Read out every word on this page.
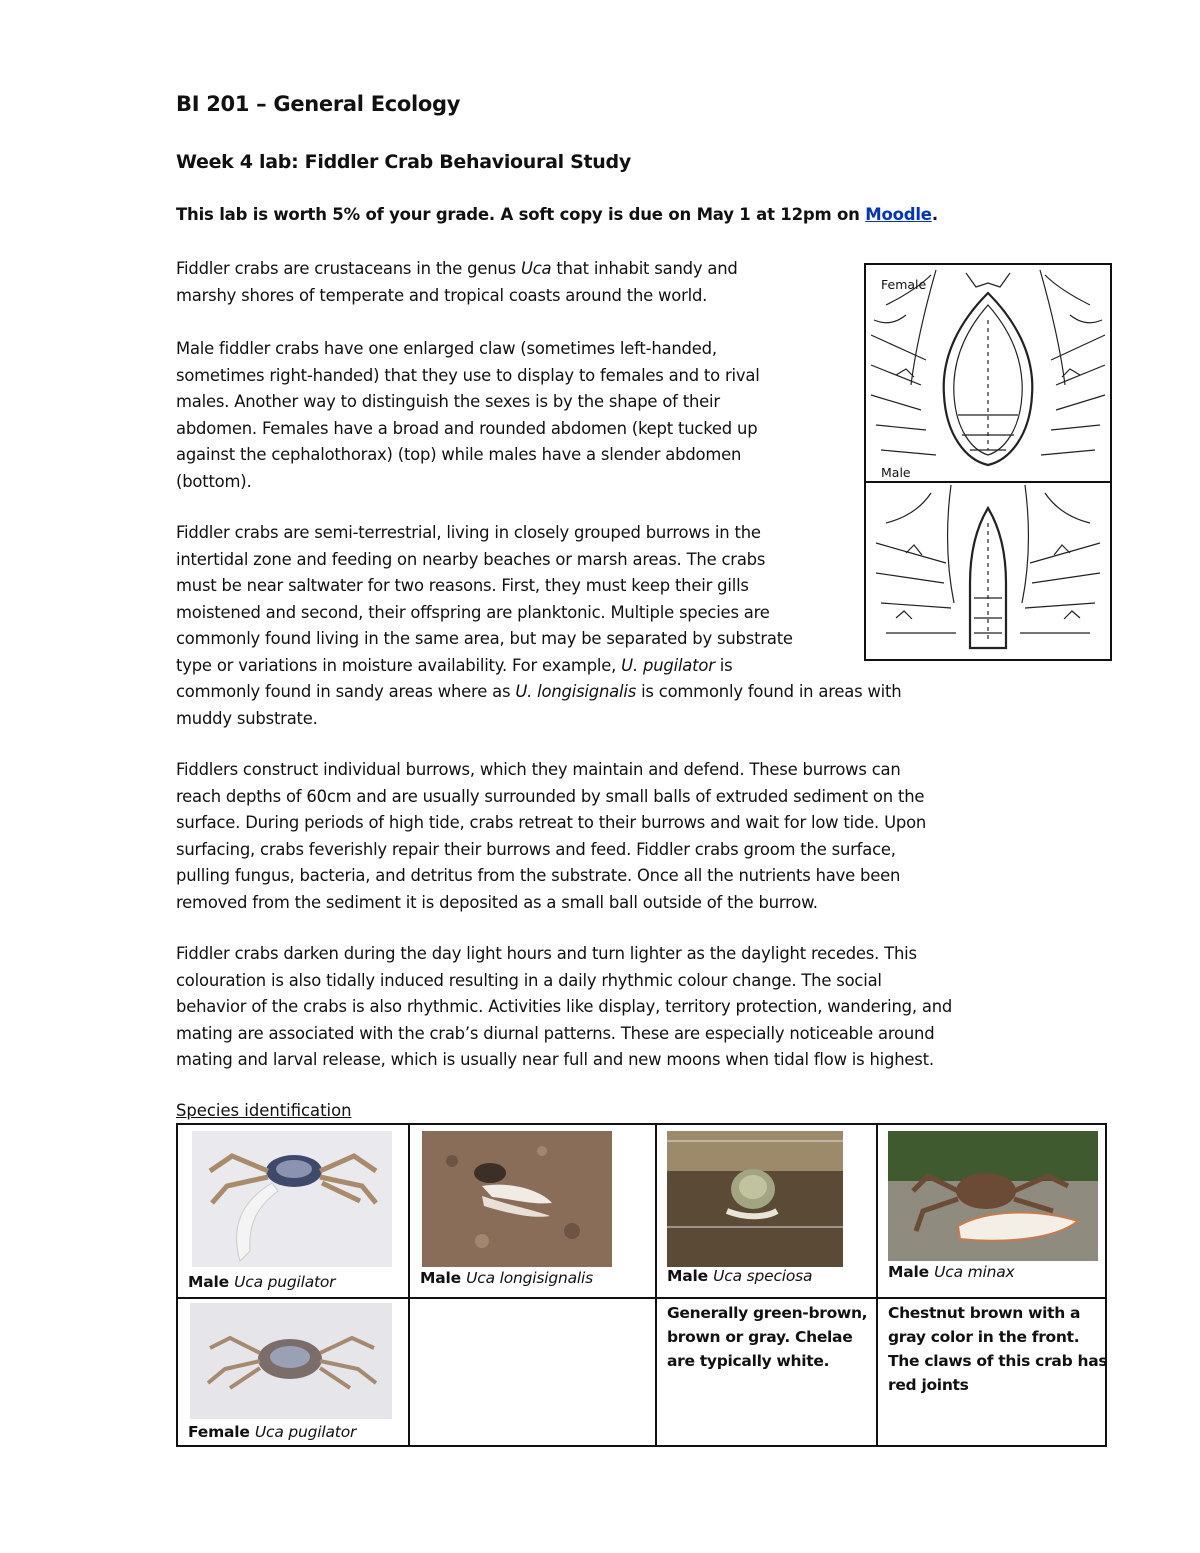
BI 201 – General Ecology
Week 4 lab: Fiddler Crab Behavioural Study
This lab is worth 5% of your grade. A soft copy is due on May 1 at 12pm on Moodle.
Fiddler crabs are crustaceans in the genus Uca that inhabit sandy and
marshy shores of temperate and tropical coasts around the world.
Male fiddler crabs have one enlarged claw (sometimes left-handed,
sometimes right-handed) that they use to display to females and to rival
males. Another way to distinguish the sexes is by the shape of their
abdomen. Females have a broad and rounded abdomen (kept tucked up
against the cephalothorax) (top) while males have a slender abdomen
(bottom).
Fiddler crabs are semi-terrestrial, living in closely grouped burrows in the
intertidal zone and feeding on nearby beaches or marsh areas. The crabs
must be near saltwater for two reasons. First, they must keep their gills
moistened and second, their offspring are planktonic. Multiple species are
commonly found living in the same area, but may be separated by substrate
type or variations in moisture availability. For example, U. pugilator is
commonly found in sandy areas where as U. longisignalis is commonly found in areas with
muddy substrate.
Fiddlers construct individual burrows, which they maintain and defend. These burrows can
reach depths of 60cm and are usually surrounded by small balls of extruded sediment on the
surface. During periods of high tide, crabs retreat to their burrows and wait for low tide. Upon
surfacing, crabs feverishly repair their burrows and feed. Fiddler crabs groom the surface,
pulling fungus, bacteria, and detritus from the substrate. Once all the nutrients have been
removed from the sediment it is deposited as a small ball outside of the burrow.
Fiddler crabs darken during the day light hours and turn lighter as the daylight recedes. This
colouration is also tidally induced resulting in a daily rhythmic colour change. The social
behavior of the crabs is also rhythmic. Activities like display, territory protection, wandering, and
mating are associated with the crab’s diurnal patterns. These are especially noticeable around
mating and larval release, which is usually near full and new moons when tidal flow is highest.
Female
Male
Species identification
Male Uca pugilator	Male Uca longisignalis	Male Uca speciosa	Male Uca minax

Female Uca pugilator		Generally green-brown,
brown or gray. Chelae
are typically white.	Chestnut brown with a
gray color in the front.
The claws of this crab has
red joints
